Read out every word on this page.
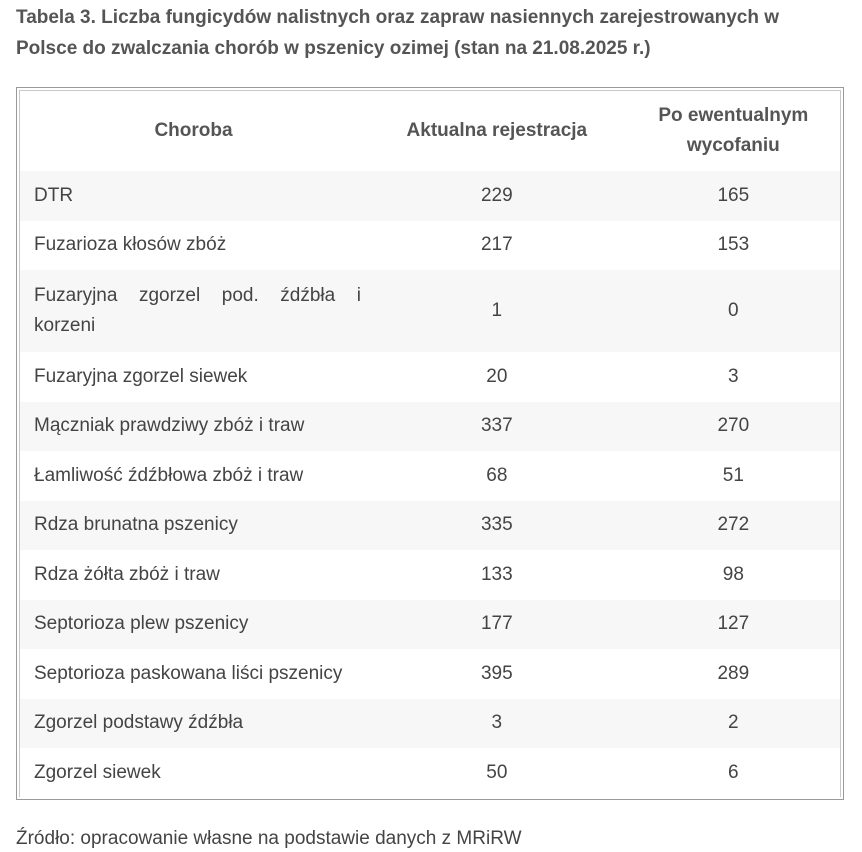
Tabela 3. Liczba fungicydów nalistnych oraz zapraw nasiennych zarejestrowanych w Polsce do zwalczania chorób w pszenicy ozimej (stan na 21.08.2025 r.)
Choroba	Aktualna rejestracja	Po ewentualnym wycofaniu
DTR	229	165
Fuzarioza kłosów zbóż	217	153
Fuzaryjna zgorzel pod. źdźbła i korzeni	1	0
Fuzaryjna zgorzel siewek	20	3
Mączniak prawdziwy zbóż i traw	337	270
Łamliwość źdźbłowa zbóż i traw	68	51
Rdza brunatna pszenicy	335	272
Rdza żółta zbóż i traw	133	98
Septorioza plew pszenicy	177	127
Septorioza paskowana liści pszenicy	395	289
Zgorzel podstawy źdźbła	3	2
Zgorzel siewek	50	6
Źródło: opracowanie własne na podstawie danych z MRiRW
